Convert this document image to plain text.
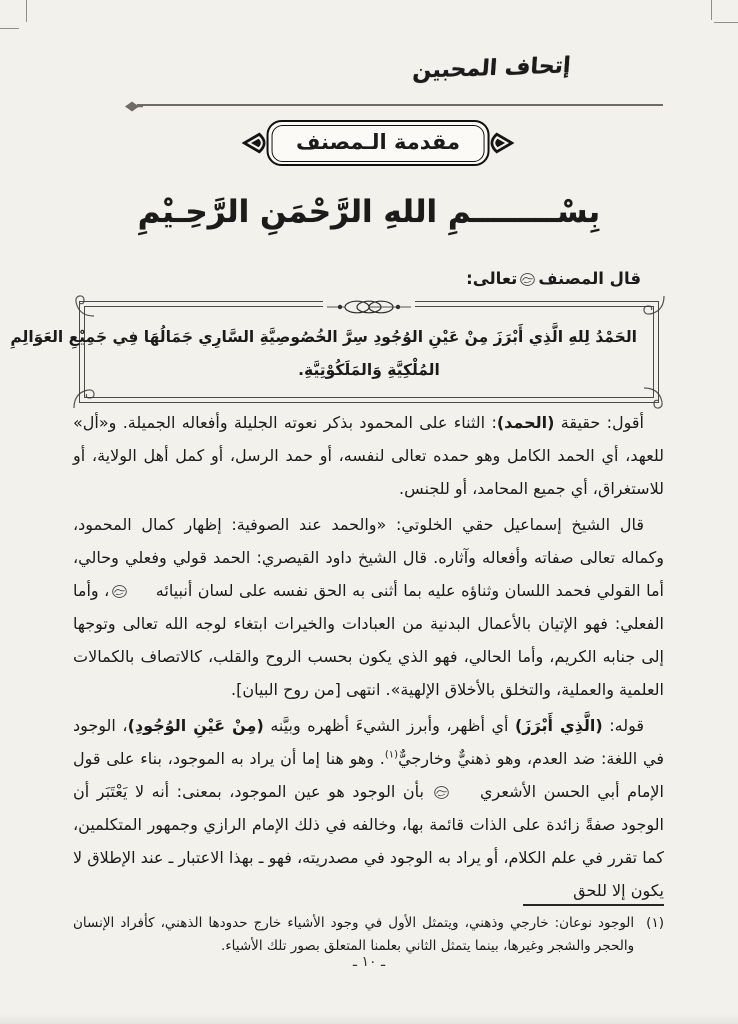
إتحاف المحبين
مقدمة الـمصنف
بِسْــــــــمِ اللهِ الرَّحْمَنِ الرَّحِـيْمِ
قال المصنفتعالى:
الحَمْدُ لِلهِ الَّذِي أَبْرَزَ مِنْ عَيْنِ الوُجُودِ سِرَّ الخُصُوصِيَّةِ السَّارِي جَمَالُهَا فِي جَمِيْعِ العَوَالِمِ
المُلْكِيَّةِ وَالمَلَكُوْتِيَّةِ.

أقول: حقيقة (الحمد): الثناء على المحمود بذكر نعوته الجليلة وأفعاله الجميلة. و«أل» للعهد، أي الحمد الكامل وهو حمده تعالى لنفسه، أو حمد الرسل، أو كمل أهل الولاية، أو للاستغراق، أي جميع المحامد، أو للجنس.

قال الشيخ إسماعيل حقي الخلوتي: «والحمد عند الصوفية: إظهار كمال المحمود، وكماله تعالى صفاته وأفعاله وآثاره. قال الشيخ داود القيصري: الحمد قولي وفعلي وحالي، أما القولي فحمد اللسان وثناؤه عليه بما أثنى به الحق نفسه على لسان أنبيائه ، وأما الفعلي: فهو الإتيان بالأعمال البدنية من العبادات والخيرات ابتغاء لوجه الله تعالى وتوجها إلى جنابه الكريم، وأما الحالي، فهو الذي يكون بحسب الروح والقلب، كالاتصاف بالكمالات العلمية والعملية، والتخلق بالأخلاق الإلهية». انتهى [من روح البيان].

قوله: (الَّذِي أَبْرَزَ) أي أظهر، وأبرز الشيءَ أظهره وبيَّنه (مِنْ عَيْنِ الوُجُودِ)، الوجود في اللغة: ضد العدم، وهو ذهنيٌّ وخارجيٌّ$^{(١)}$. وهو هنا إما أن يراد به الموجود، بناء على قول الإمام أبي الحسن الأشعري  بأن الوجود هو عين الموجود، بمعنى: أنه لا يَعْتَبَر أن الوجود صفةً زائدة على الذات قائمة بها، وخالفه في ذلك الإمام الرازي وجمهور المتكلمين، كما تقرر في علم الكلام، أو يراد به الوجود في مصدريته، فهو ـ بهذا الاعتبار ـ عند الإطلاق لا يكون إلا للحق

(١)
الوجود نوعان: خارجي وذهني، ويتمثل الأول في وجود الأشياء خارج حدودها الذهني، كأفراد الإنسان والحجر والشجر وغيرها، بينما يتمثل الثاني بعلمنا المتعلق بصور تلك الأشياء.
ـ ١٠ ـ
